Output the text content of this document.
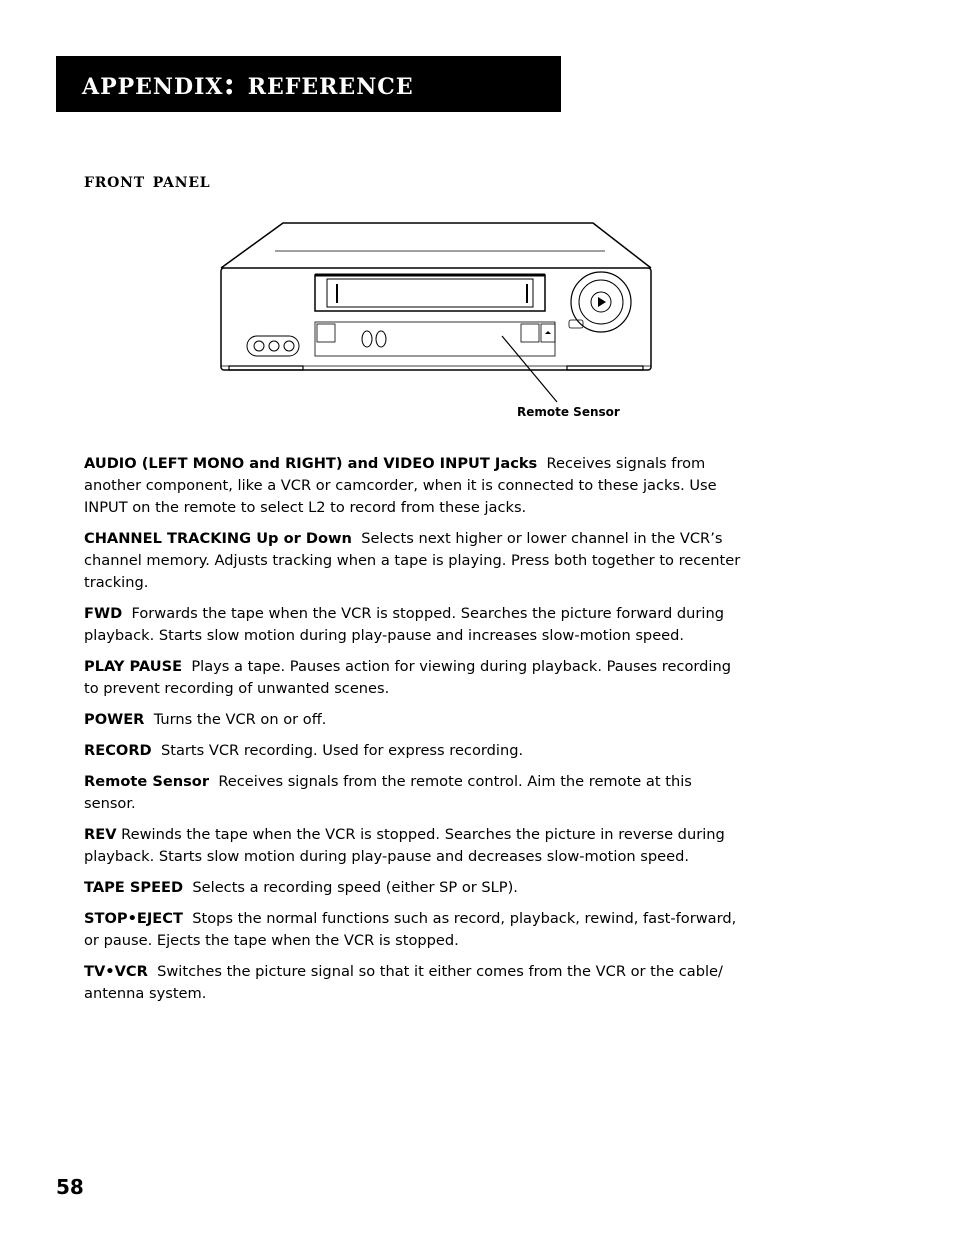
appendix: reference
front panel
Remote Sensor

AUDIO (LEFT MONO and RIGHT) and VIDEO INPUT Jacks Receives signals from another component, like a VCR or camcorder, when it is connected to these jacks. Use INPUT on the remote to select L2 to record from these jacks.

CHANNEL TRACKING Up or Down Selects next higher or lower channel in the VCR’s channel memory. Adjusts tracking when a tape is playing. Press both together to recenter tracking.

FWD Forwards the tape when the VCR is stopped. Searches the picture forward during playback. Starts slow motion during play-pause and increases slow-motion speed.

PLAY PAUSE Plays a tape. Pauses action for viewing during playback. Pauses recording to prevent recording of unwanted scenes.

POWER Turns the VCR on or off.

RECORD Starts VCR recording. Used for express recording.

Remote Sensor Receives signals from the remote control. Aim the remote at this sensor.

REV Rewinds the tape when the VCR is stopped. Searches the picture in reverse during playback. Starts slow motion during play-pause and decreases slow-motion speed.

TAPE SPEED Selects a recording speed (either SP or SLP).

STOP•EJECT Stops the normal functions such as record, playback, rewind, fast-forward, or pause. Ejects the tape when the VCR is stopped.

TV•VCR Switches the picture signal so that it either comes from the VCR or the cable/ antenna system.

58
